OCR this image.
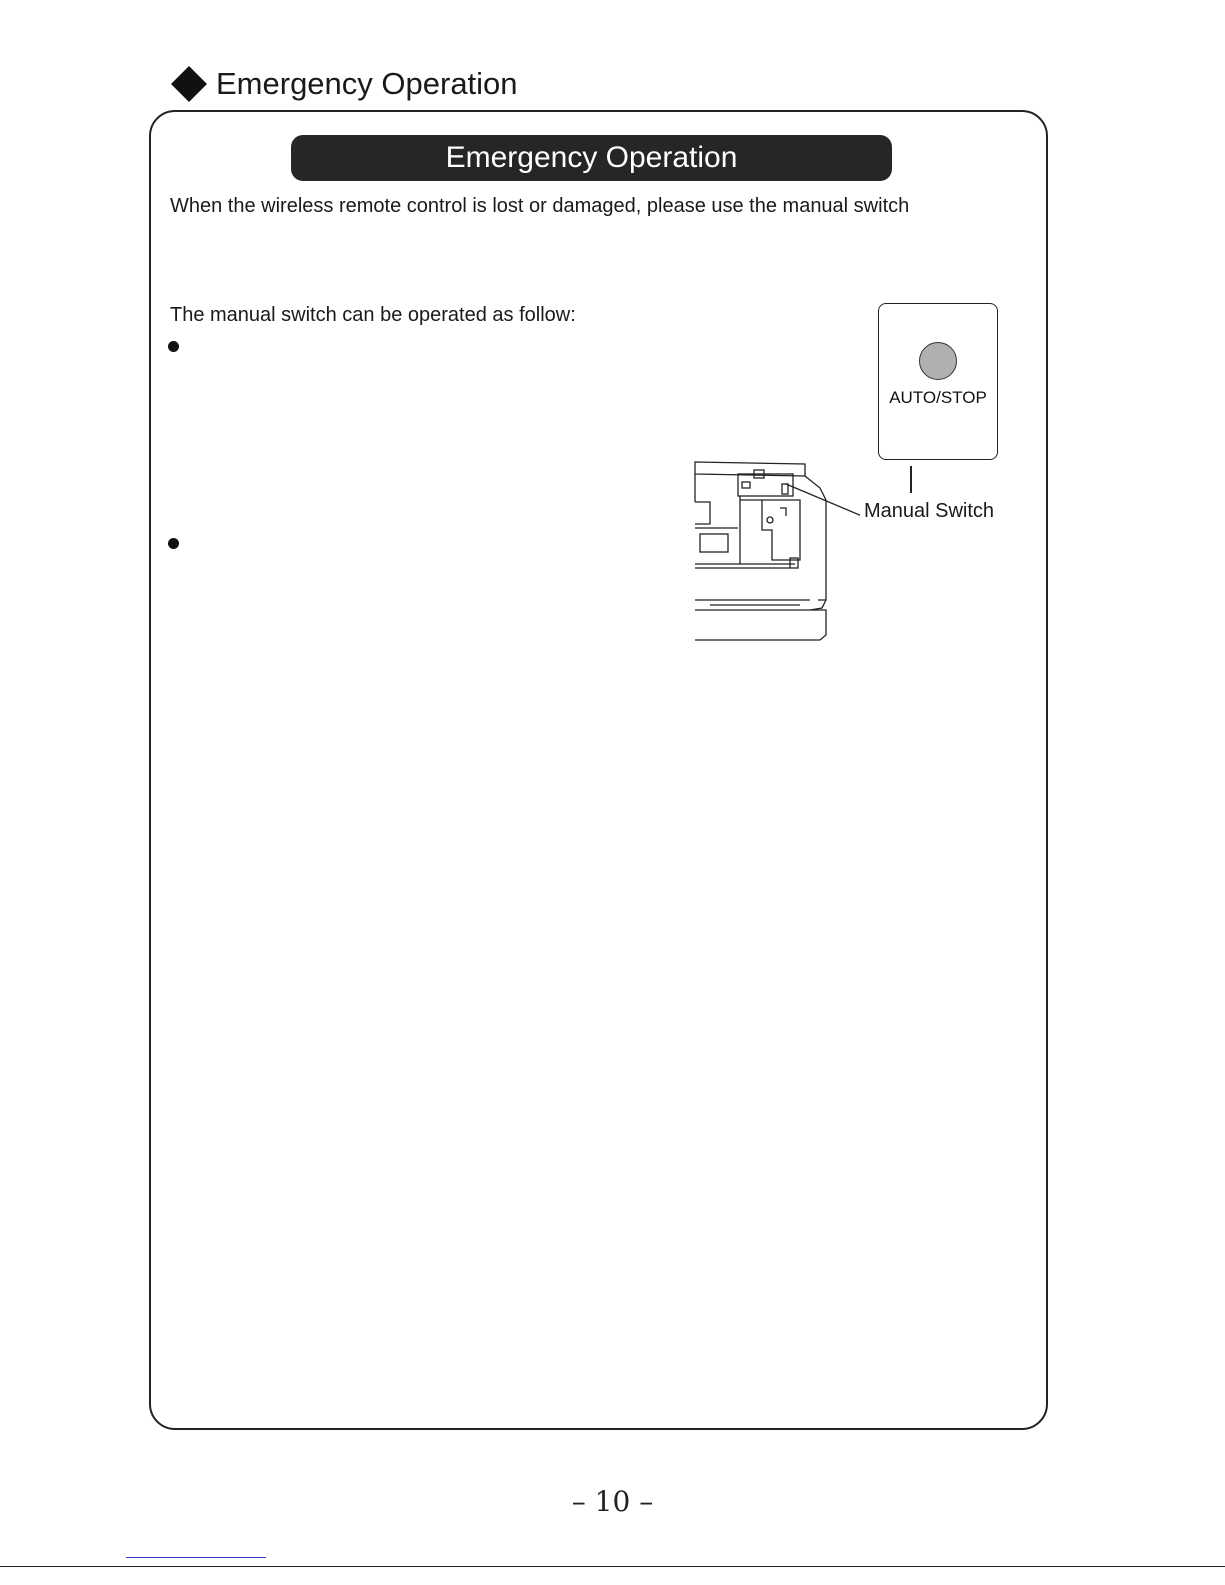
Emergency Operation
Emergency Operation
When the wireless remote control is lost or damaged, please use the manual switch
The manual switch can be operated as follow:
AUTO/STOP
Manual Switch
– 10 –
